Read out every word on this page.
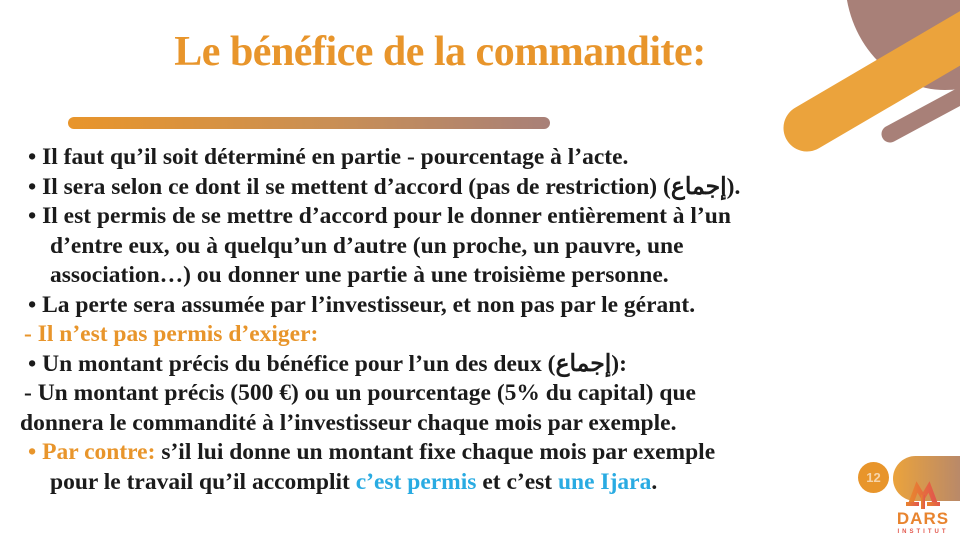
Le bénéfice de la commandite:
• Il faut qu’il soit déterminé en partie - pourcentage à l’acte.
• Il sera selon ce dont il se mettent d’accord (pas de restriction) (إجماع).
• Il est permis de se mettre d’accord pour le donner entièrement à l’un
d’entre eux, ou à quelqu’un d’autre (un proche, un pauvre, une
association…) ou donner une partie à une troisième personne.
• La perte sera assumée par l’investisseur, et non pas par le gérant.
- Il n’est pas permis d’exiger:
• Un montant précis du bénéfice pour l’un des deux (إجماع):
- Un montant précis (500 €) ou un pourcentage (5% du capital) que
donnera le commandité à l’investisseur chaque mois par exemple.
• Par contre: s’il lui donne un montant fixe chaque mois par exemple
pour le travail qu’il accomplit c’est permis et c’est une Ijara.	12
DARS
INSTITUT
